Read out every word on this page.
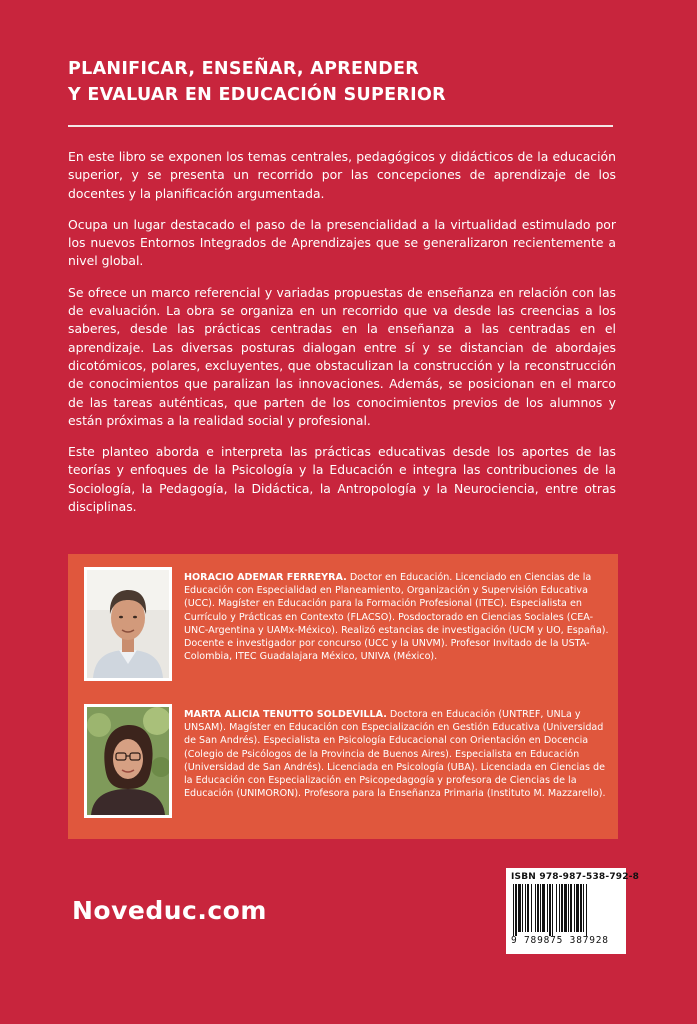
PLANIFICAR, ENSEÑAR, APRENDER
Y EVALUAR EN EDUCACIÓN SUPERIOR

En este libro se exponen los temas centrales, pedagógicos y didácticos de la educación superior, y se presenta un recorrido por las concepciones de aprendizaje de los docentes y la planificación argumentada.

Ocupa un lugar destacado el paso de la presencialidad a la virtualidad estimulado por los nuevos Entornos Integrados de Aprendizajes que se generalizaron recientemente a nivel global.

Se ofrece un marco referencial y variadas propuestas de enseñanza en relación con las de evaluación. La obra se organiza en un recorrido que va desde las creencias a los saberes, desde las prácticas centradas en la enseñanza a las centradas en el aprendizaje. Las diversas posturas dialogan entre sí y se distancian de abordajes dicotómicos, polares, excluyentes, que obstaculizan la construcción y la reconstrucción de conocimientos que paralizan las innovaciones. Además, se posicionan en el marco de las tareas auténticas, que parten de los conocimientos previos de los alumnos y están próximas a la realidad social y profesional.

Este planteo aborda e interpreta las prácticas educativas desde los aportes de las teorías y enfoques de la Psicología y la Educación e integra las contribuciones de la Sociología, la Pedagogía, la Didáctica, la Antropología y la Neurociencia, entre otras disciplinas.

HORACIO ADEMAR FERREYRA. Doctor en Educación. Licenciado en Ciencias de la Educación con Especialidad en Planeamiento, Organización y Supervisión Educativa (UCC). Magíster en Educación para la Formación Profesional (ITEC). Especialista en Currículo y Prácticas en Contexto (FLACSO). Posdoctorado en Ciencias Sociales (CEA-UNC-Argentina y UAMx-México). Realizó estancias de investigación (UCM y UO, España). Docente e investigador por concurso (UCC y la UNVM). Profesor Invitado de la USTA-Colombia, ITEC Guadalajara México, UNIVA (México).
MARTA ALICIA TENUTTO SOLDEVILLA. Doctora en Educación (UNTREF, UNLa y UNSAM). Magíster en Educación con Especialización en Gestión Educativa (Universidad de San Andrés). Especialista en Psicología Educacional con Orientación en Docencia (Colegio de Psicólogos de la Provincia de Buenos Aires). Especialista en Educación (Universidad de San Andrés). Licenciada en Psicología (UBA). Licenciada en Ciencias de la Educación con Especialización en Psicopedagogía y profesora de Ciencias de la Educación (UNIMORON). Profesora para la Enseñanza Primaria (Instituto M. Mazzarello).
Noveduc.com
ISBN 978-987-538-792-8
9 789875 387928
